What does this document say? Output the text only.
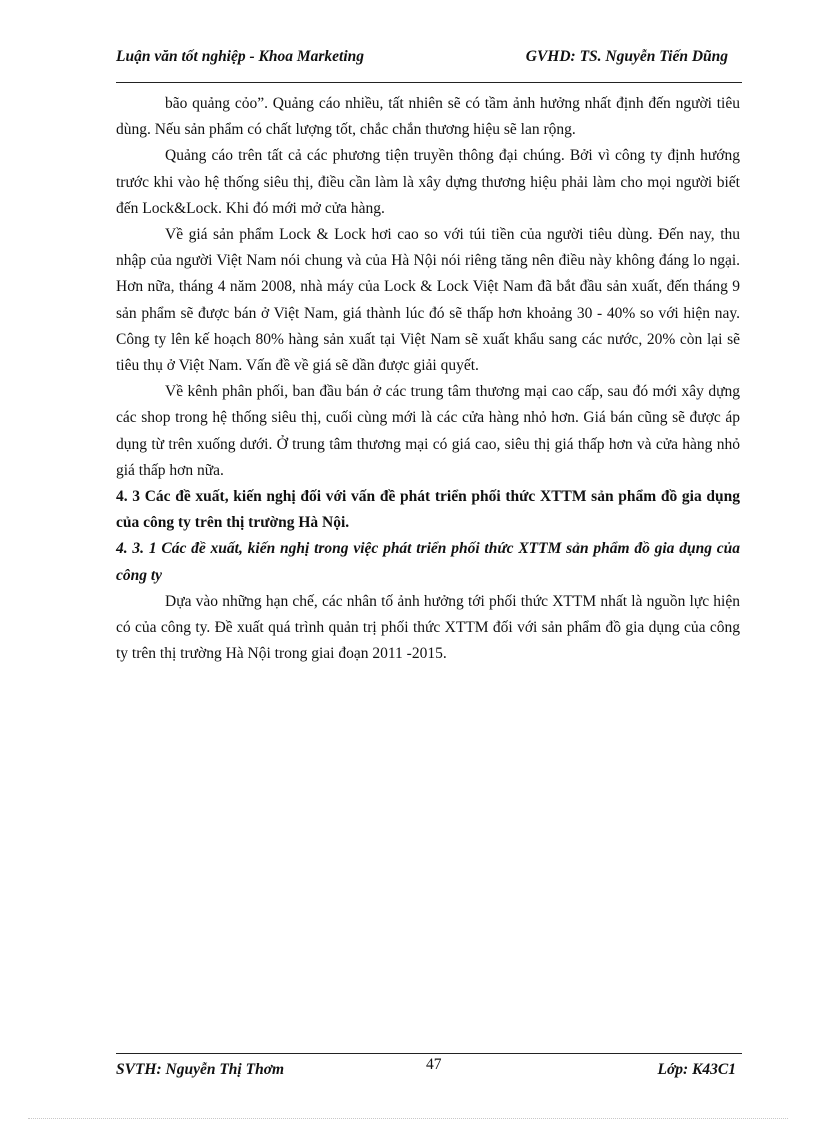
Luận văn tốt nghiệp - Khoa Marketing	GVHD: TS. Nguyễn Tiến Dũng

bão quảng cỏo”. Quảng cáo nhiều, tất nhiên sẽ có tầm ảnh hưởng nhất định đến người tiêu dùng. Nếu sản phẩm có chất lượng tốt, chắc chắn thương hiệu sẽ lan rộng.

Quảng cáo trên tất cả các phương tiện truyền thông đại chúng. Bởi vì công ty định hướng trước khi vào hệ thống siêu thị, điều cần làm là xây dựng thương hiệu phải làm cho mọi người biết đến Lock&Lock. Khi đó mới mở cửa hàng.

Về giá sản phẩm Lock & Lock hơi cao so với túi tiền của người tiêu dùng. Đến nay, thu nhập của người Việt Nam nói chung và của Hà Nội nói riêng tăng nên điều này không đáng lo ngại. Hơn nữa, tháng 4 năm 2008, nhà máy của Lock & Lock Việt Nam đã bắt đầu sản xuất, đến tháng 9 sản phẩm sẽ được bán ở Việt Nam, giá thành lúc đó sẽ thấp hơn khoảng 30 - 40% so với hiện nay. Công ty lên kế hoạch 80% hàng sản xuất tại Việt Nam sẽ xuất khẩu sang các nước, 20% còn lại sẽ tiêu thụ ở Việt Nam. Vấn đề về giá sẽ dần được giải quyết.

Về kênh phân phối, ban đầu bán ở các trung tâm thương mại cao cấp, sau đó mới xây dựng các shop trong hệ thống siêu thị, cuối cùng mới là các cửa hàng nhỏ hơn. Giá bán cũng sẽ được áp dụng từ trên xuống dưới. Ở trung tâm thương mại có giá cao, siêu thị giá thấp hơn và cửa hàng nhỏ giá thấp hơn nữa.

4. 3 Các đề xuất, kiến nghị đối với vấn đề phát triển phối thức XTTM sản phẩm đồ gia dụng của công ty trên thị trường Hà Nội.

4. 3. 1 Các đề xuất, kiến nghị trong việc phát triển phối thức XTTM sản phẩm đồ gia dụng của công ty

Dựa vào những hạn chế, các nhân tố ảnh hưởng tới phối thức XTTM nhất là nguồn lực hiện có của công ty. Đề xuất quá trình quản trị phối thức XTTM đối với sản phẩm đồ gia dụng của công ty trên thị trường Hà Nội trong giai đoạn 2011 -2015.

SVTH: Nguyễn Thị Thơm	47	Lớp: K43C1
